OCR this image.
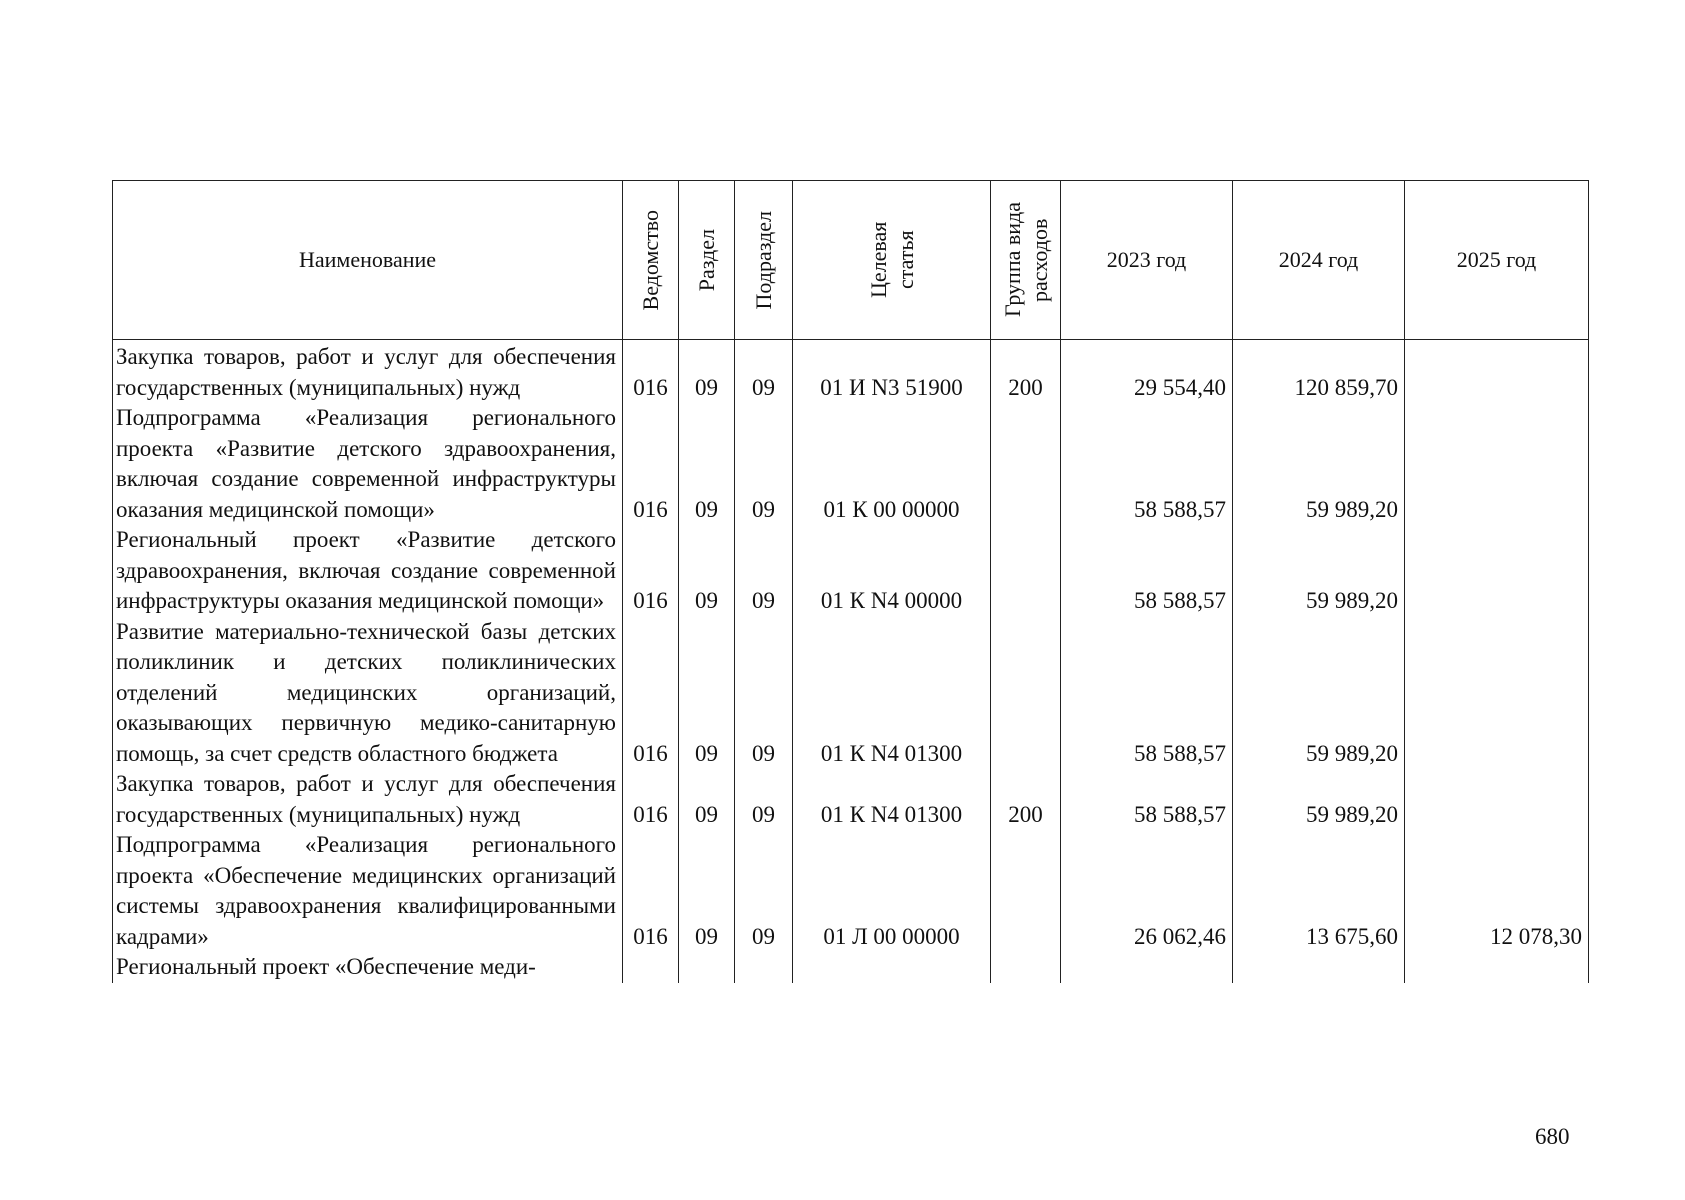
Наименование	Ведомство	Раздел	Подраздел	Целевая статья	Группа вида расходов	2023 год	2024 год	2025 год
Закупка товаров, работ и услуг для обеспечения государственных (муниципальных) нужд	016	09	09	01 И N3 51900	200	29 554,40	120 859,70	
Подпрограмма «Реализация регионального проекта «Развитие детского здравоохранения, включая создание современной инфраструктуры оказания медицинской помощи»	016	09	09	01 К 00 00000		58 588,57	59 989,20	
Региональный проект «Развитие детского здравоохранения, включая создание современной инфраструктуры оказания медицинской помощи»	016	09	09	01 К N4 00000		58 588,57	59 989,20	
Развитие материально-технической базы детских поликлиник и детских поликлинических отделений медицинских организаций, оказывающих первичную медико-санитарную помощь, за счет средств областного бюджета	016	09	09	01 К N4 01300		58 588,57	59 989,20	
Закупка товаров, работ и услуг для обеспечения государственных (муниципальных) нужд	016	09	09	01 К N4 01300	200	58 588,57	59 989,20	
Подпрограмма «Реализация регионального проекта «Обеспечение медицинских организаций системы здравоохранения квалифицированными кадрами»	016	09	09	01 Л 00 00000		26 062,46	13 675,60	12 078,30
Региональный проект «Обеспечение меди-								
680
